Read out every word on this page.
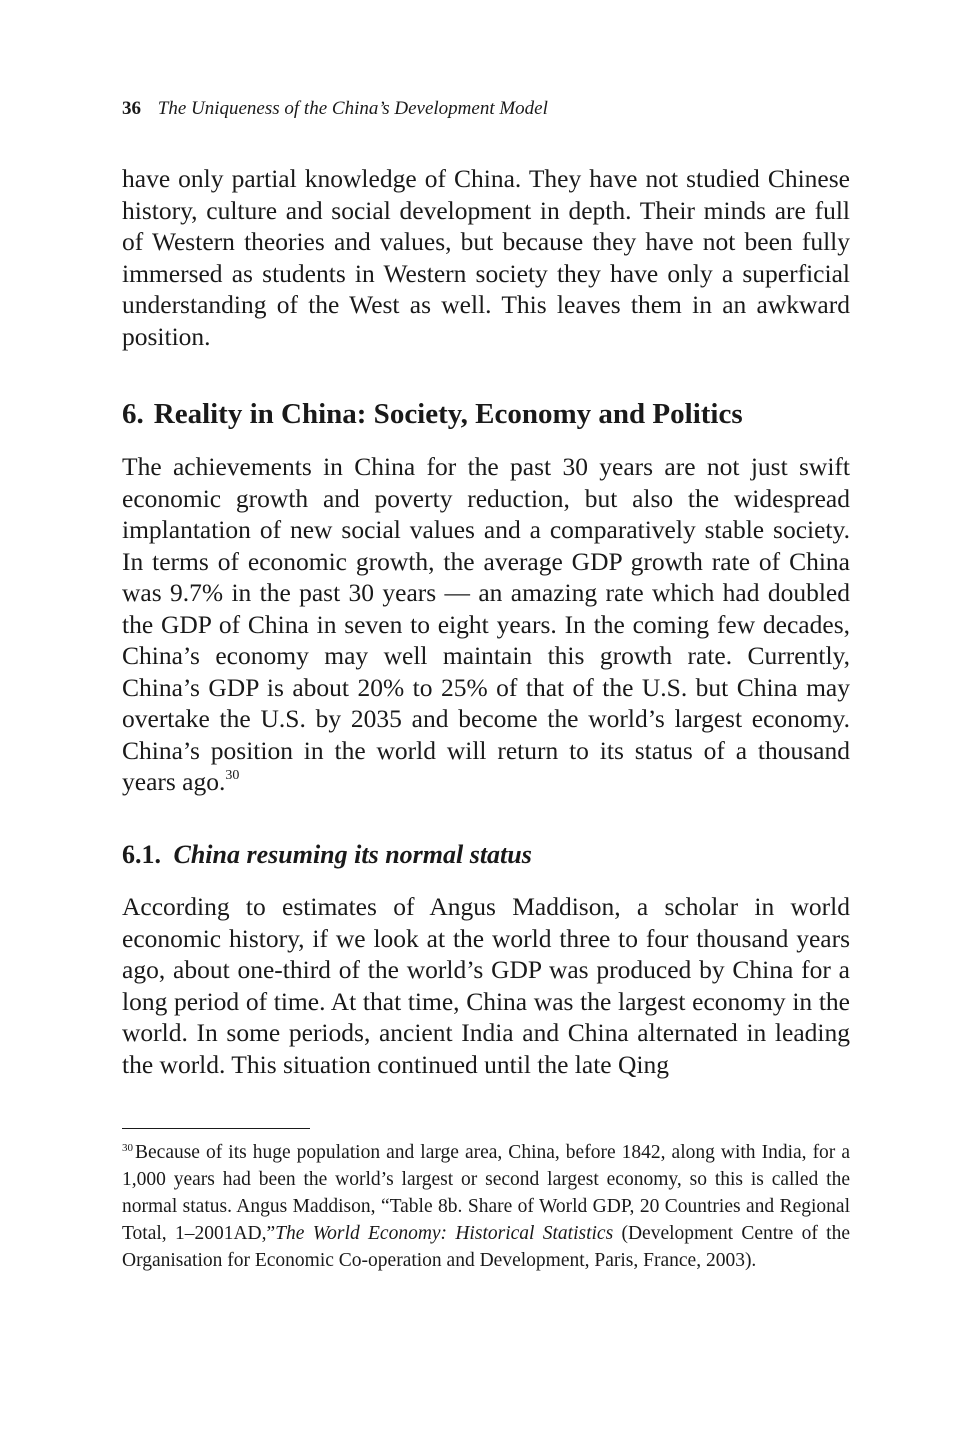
36 The Uniqueness of the China’s Development Model

have only partial knowledge of China. They have not studied Chinese history, culture and social development in depth. Their minds are full of Western theories and values, but because they have not been fully immersed as students in Western society they have only a superficial understanding of the West as well. This leaves them in an awkward position.

6. Reality in China: Society, Economy and Politics

The achievements in China for the past 30 years are not just swift economic growth and poverty reduction, but also the widespread implantation of new social values and a comparatively stable society. In terms of economic growth, the average GDP growth rate of China was 9.7% in the past 30 years — an amazing rate which had doubled the GDP of China in seven to eight years. In the coming few decades, China’s economy may well maintain this growth rate. Currently, China’s GDP is about 20% to 25% of that of the U.S. but China may overtake the U.S. by 2035 and become the world’s largest economy. China’s position in the world will return to its status of a thousand years ago.$^{30}$

6.1. China resuming its normal status

According to estimates of Angus Maddison, a scholar in world economic history, if we look at the world three to four thousand years ago, about one-third of the world’s GDP was produced by China for a long period of time. At that time, China was the largest economy in the world. In some periods, ancient India and China alternated in leading the world. This situation continued until the late Qing

$^{30}$ Because of its huge population and large area, China, before 1842, along with India, for a 1,000 years had been the world’s largest or second largest economy, so this is called the normal status. Angus Maddison, “Table 8b. Share of World GDP, 20 Countries and Regional Total, 1–2001AD,”The World Economy: Historical Statistics (Development Centre of the Organisation for Economic Co-operation and Development, Paris, France, 2003).
